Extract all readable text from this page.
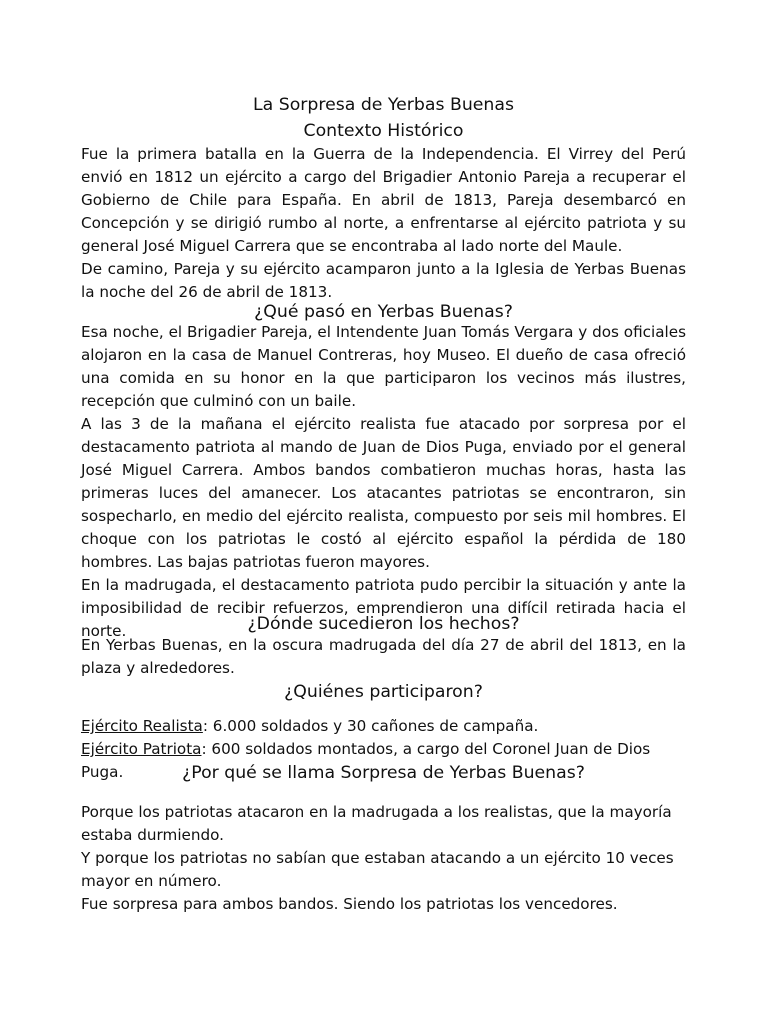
La Sorpresa de Yerbas Buenas
Contexto Histórico

Fue la primera batalla en la Guerra de la Independencia. El Virrey del Perú envió en 1812 un ejército a cargo del Brigadier Antonio Pareja a recuperar el Gobierno de Chile para España. En abril de 1813, Pareja desembarcó en Concepción y se dirigió rumbo al norte, a enfrentarse al ejército patriota y su general José Miguel Carrera que se encontraba al lado norte del Maule.

De camino, Pareja y su ejército acamparon junto a la Iglesia de Yerbas Buenas la noche del 26 de abril de 1813.

¿Qué pasó en Yerbas Buenas?

Esa noche, el Brigadier Pareja, el Intendente Juan Tomás Vergara y dos oficiales alojaron en la casa de Manuel Contreras, hoy Museo. El dueño de casa ofreció una comida en su honor en la que participaron los vecinos más ilustres, recepción que culminó con un baile.

A las 3 de la mañana el ejército realista fue atacado por sorpresa por el destacamento patriota al mando de Juan de Dios Puga, enviado por el general José Miguel Carrera. Ambos bandos combatieron muchas horas, hasta las primeras luces del amanecer. Los atacantes patriotas se encontraron, sin sospecharlo, en medio del ejército realista, compuesto por seis mil hombres. El choque con los patriotas le costó al ejército español la pérdida de 180 hombres. Las bajas patriotas fueron mayores.

En la madrugada, el destacamento patriota pudo percibir la situación y ante la imposibilidad de recibir refuerzos, emprendieron una difícil retirada hacia el norte.	¿Dónde sucedieron los hechos?

En Yerbas Buenas, en la oscura madrugada del día 27 de abril del 1813, en la plaza y alrededores.

¿Quiénes participaron?

Ejército Realista: 6.000 soldados y 30 cañones de campaña.

Ejército Patriota: 600 soldados montados, a cargo del Coronel Juan de Dios Puga.	¿Por qué se llama Sorpresa de Yerbas Buenas?

Porque los patriotas atacaron en la madrugada a los realistas, que la mayoría estaba durmiendo.

Y porque los patriotas no sabían que estaban atacando a un ejército 10 veces mayor en número.

Fue sorpresa para ambos bandos. Siendo los patriotas los vencedores.
